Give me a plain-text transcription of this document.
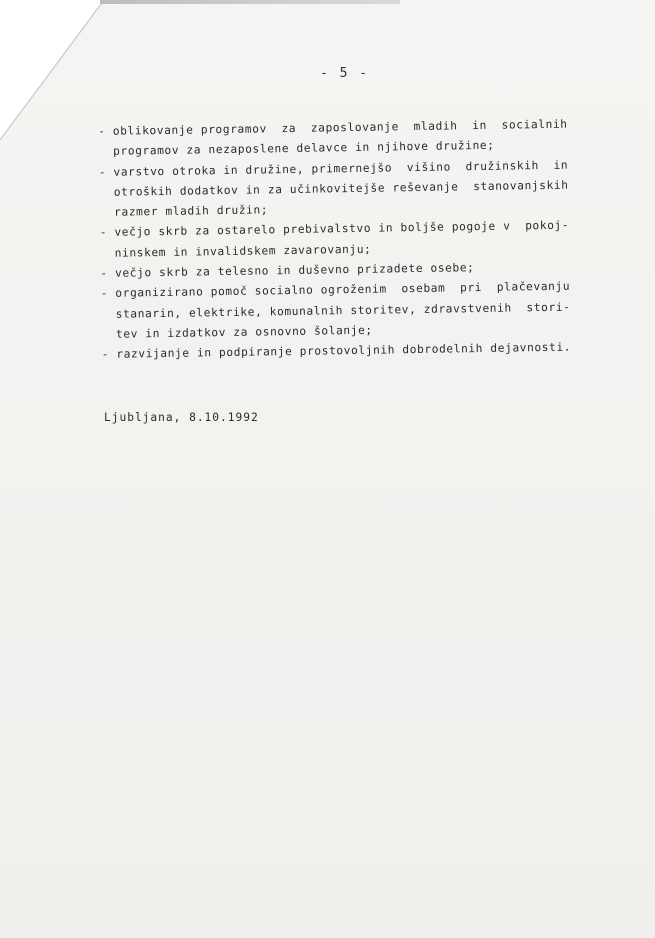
- 5 -
- oblikovanje programov  za  zaposlovanje  mladih  in  socialnih
programov za nezaposlene delavce in njihove družine;
- varstvo otroka in družine, primernejšo  višino  družinskih  in
otroških dodatkov in za učinkovitejše reševanje  stanovanjskih
razmer mladih družin;
- večjo skrb za ostarelo prebivalstvo in boljše pogoje v  pokoj-
ninskem in invalidskem zavarovanju;
- večjo skrb za telesno in duševno prizadete osebe;
- organizirano pomoč socialno ogroženim  osebam  pri  plačevanju
stanarin, elektrike, komunalnih storitev, zdravstvenih  stori-
tev in izdatkov za osnovno šolanje;
- razvijanje in podpiranje prostovoljnih dobrodelnih dejavnosti.
Ljubljana, 8.10.1992
